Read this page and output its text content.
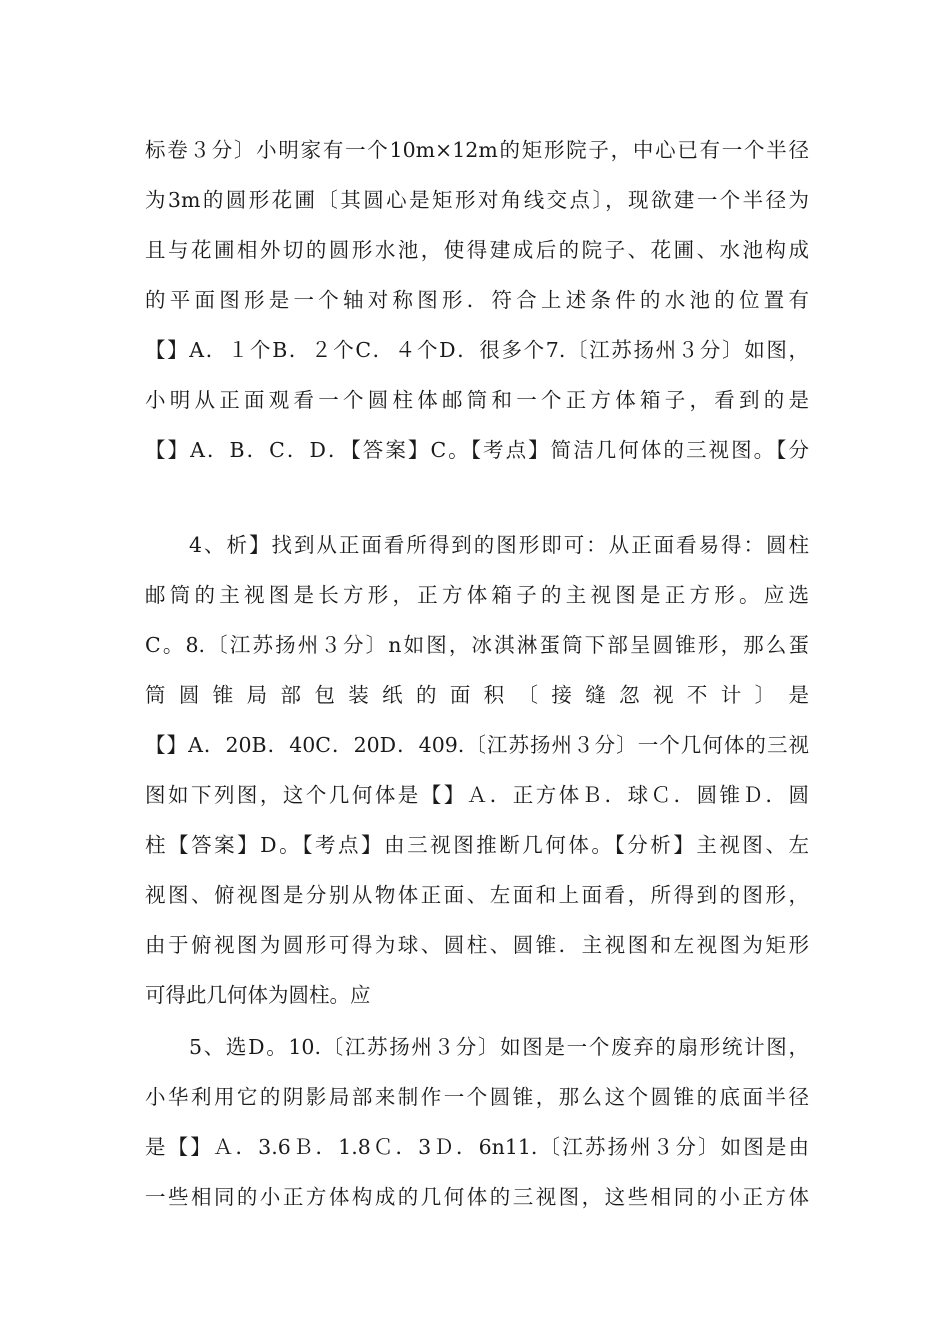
标卷３分〕小明家有一个10m×12m的矩形院子，中心已有一个半径
为3m的圆形花圃〔其圆心是矩形对角线交点〕，现欲建一个半径为
且与花圃相外切的圆形水池，使得建成后的院子、花圃、水池构成
的平面图形是一个轴对称图形．符合上述条件的水池的位置有
【】A．１个B．２个C．４个D．很多个7.〔江苏扬州３分〕如图，
小明从正面观看一个圆柱体邮筒和一个正方体箱子，看到的是
【】A．B．C．D．【答案】C。【考点】简洁几何体的三视图。【分
4、析】找到从正面看所得到的图形即可：从正面看易得：圆柱
邮筒的主视图是长方形，正方体箱子的主视图是正方形。应选
C。8.〔江苏扬州３分〕n如图，冰淇淋蛋筒下部呈圆锥形，那么蛋
筒圆锥局部包装纸的面积〔接缝忽视不计〕是
【】A．20B．40C．20D．409.〔江苏扬州３分〕一个几何体的三视
图如下列图，这个几何体是【】Ａ．正方体Ｂ．球Ｃ．圆锥Ｄ．圆
柱【答案】D。【考点】由三视图推断几何体。【分析】主视图、左
视图、俯视图是分别从物体正面、左面和上面看，所得到的图形，
由于俯视图为圆形可得为球、圆柱、圆锥．主视图和左视图为矩形
可得此几何体为圆柱。应
5、选D。10.〔江苏扬州３分〕如图是一个废弃的扇形统计图，
小华利用它的阴影局部来制作一个圆锥，那么这个圆锥的底面半径
是【】Ａ．3.6Ｂ．1.8Ｃ．3Ｄ．6n11.〔江苏扬州３分〕如图是由
一些相同的小正方体构成的几何体的三视图，这些相同的小正方体
